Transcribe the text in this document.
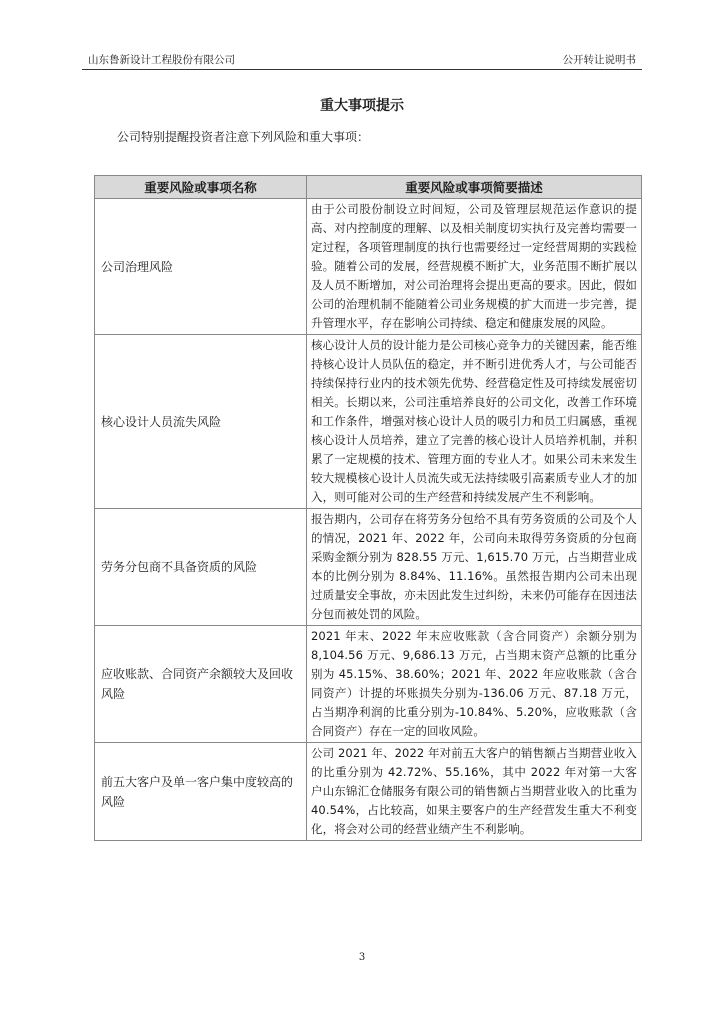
山东鲁新设计工程股份有限公司	公开转让说明书
重大事项提示
公司特别提醒投资者注意下列风险和重大事项：
重要风险或事项名称	重要风险或事项简要描述
公司治理风险	由于公司股份制设立时间短，公司及管理层规范运作意识的提高、对内控制度的理解、以及相关制度切实执行及完善均需要一定过程，各项管理制度的执行也需要经过一定经营周期的实践检验。随着公司的发展，经营规模不断扩大，业务范围不断扩展以及人员不断增加，对公司治理将会提出更高的要求。因此，假如公司的治理机制不能随着公司业务规模的扩大而进一步完善，提升管理水平，存在影响公司持续、稳定和健康发展的风险。
核心设计人员流失风险	核心设计人员的设计能力是公司核心竞争力的关键因素，能否维持核心设计人员队伍的稳定，并不断引进优秀人才，与公司能否持续保持行业内的技术领先优势、经营稳定性及可持续发展密切相关。长期以来，公司注重培养良好的公司文化，改善工作环境和工作条件，增强对核心设计人员的吸引力和员工归属感，重视核心设计人员培养，建立了完善的核心设计人员培养机制，并积累了一定规模的技术、管理方面的专业人才。如果公司未来发生较大规模核心设计人员流失或无法持续吸引高素质专业人才的加入，则可能对公司的生产经营和持续发展产生不利影响。
劳务分包商不具备资质的风险	报告期内，公司存在将劳务分包给不具有劳务资质的公司及个人的情况，2021 年、2022 年，公司向未取得劳务资质的分包商采购金额分别为 828.55 万元、1,615.70 万元，占当期营业成本的比例分别为 8.84%、11.16%。虽然报告期内公司未出现过质量安全事故，亦未因此发生过纠纷，未来仍可能存在因违法分包而被处罚的风险。
应收账款、合同资产余额较大及回收风险	2021 年末、2022 年末应收账款（含合同资产）余额分别为 8,104.56 万元、9,686.13 万元，占当期末资产总额的比重分别为 45.15%、38.60%；2021 年、2022 年应收账款（含合同资产）计提的坏账损失分别为-136.06 万元、87.18 万元，占当期净利润的比重分别为-10.84%、5.20%，应收账款（含合同资产）存在一定的回收风险。
前五大客户及单一客户集中度较高的风险	公司 2021 年、2022 年对前五大客户的销售额占当期营业收入的比重分别为 42.72%、55.16%，其中 2022 年对第一大客户山东锦汇仓储服务有限公司的销售额占当期营业收入的比重为 40.54%，占比较高，如果主要客户的生产经营发生重大不利变化，将会对公司的经营业绩产生不利影响。
3
